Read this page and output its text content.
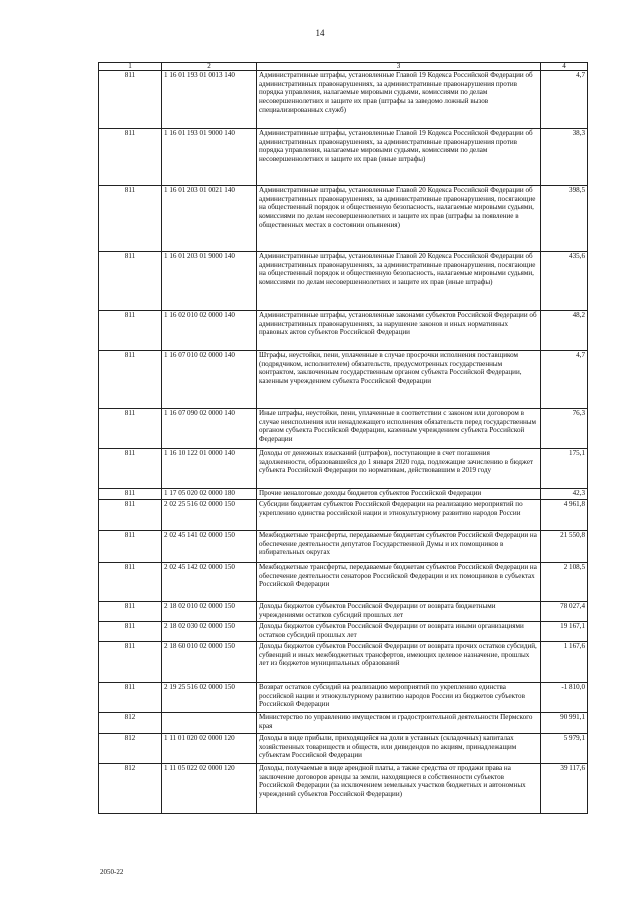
14
1	2	3	4
811	1 16 01 193 01 0013 140	Административные штрафы, установленные Главой 19 Кодекса Российской Федерации об административных правонарушениях, за административные правонарушения против порядка управления, налагаемые мировыми судьями, комиссиями по делам несовершеннолетних и защите их прав (штрафы за заведомо ложный вызов специализированных служб)	4,7
811	1 16 01 193 01 9000 140	Административные штрафы, установленные Главой 19 Кодекса Российской Федерации об административных правонарушениях, за административные правонарушения против порядка управления, налагаемые мировыми судьями, комиссиями по делам несовершеннолетних и защите их прав (иные штрафы)	38,3
811	1 16 01 203 01 0021 140	Административные штрафы, установленные Главой 20 Кодекса Российской Федерации об административных правонарушениях, за административные правонарушения, посягающие на общественный порядок и общественную безопасность, налагаемые мировыми судьями, комиссиями по делам несовершеннолетних и защите их прав (штрафы за появление в общественных местах в состоянии опьянения)	398,5
811	1 16 01 203 01 9000 140	Административные штрафы, установленные Главой 20 Кодекса Российской Федерации об административных правонарушениях, за административные правонарушения, посягающие на общественный порядок и общественную безопасность, налагаемые мировыми судьями, комиссиями по делам несовершеннолетних и защите их прав (иные штрафы)	435,6
811	1 16 02 010 02 0000 140	Административные штрафы, установленные законами субъектов Российской Федерации об административных правонарушениях, за нарушение законов и иных нормативных правовых актов субъектов Российской Федерации	48,2
811	1 16 07 010 02 0000 140	Штрафы, неустойки, пени, уплаченные в случае просрочки исполнения поставщиком (подрядчиком, исполнителем) обязательств, предусмотренных государственным контрактом, заключенным государственным органом субъекта Российской Федерации, казенным учреждением субъекта Российской Федерации	4,7
811	1 16 07 090 02 0000 140	Иные штрафы, неустойки, пени, уплаченные в соответствии с законом или договором в случае неисполнения или ненадлежащего исполнения обязательств перед государственным органом субъекта Российской Федерации, казенным учреждением субъекта Российской Федерации	76,3
811	1 16 10 122 01 0000 140	Доходы от денежных взысканий (штрафов), поступающие в счет погашения задолженности, образовавшейся до 1 января 2020 года, подлежащие зачислению в бюджет субъекта Российской Федерации по нормативам, действовавшим в 2019 году	175,1
811	1 17 05 020 02 0000 180	Прочие неналоговые доходы бюджетов субъектов Российской Федерации	42,3
811	2 02 25 516 02 0000 150	Субсидии бюджетам субъектов Российской Федерации на реализацию мероприятий по укреплению единства российской нации и этнокультурному развитию народов России	4 961,8
811	2 02 45 141 02 0000 150	Межбюджетные трансферты, передаваемые бюджетам субъектов Российской Федерации на обеспечение деятельности депутатов Государственной Думы и их помощников в избирательных округах	21 550,8
811	2 02 45 142 02 0000 150	Межбюджетные трансферты, передаваемые бюджетам субъектов Российской Федерации на обеспечение деятельности сенаторов Российской Федерации и их помощников в субъектах Российской Федерации	2 108,5
811	2 18 02 010 02 0000 150	Доходы бюджетов субъектов Российской Федерации от возврата бюджетными учреждениями остатков субсидий прошлых лет	78 027,4
811	2 18 02 030 02 0000 150	Доходы бюджетов субъектов Российской Федерации от возврата иными организациями остатков субсидий прошлых лет	19 167,1
811	2 18 60 010 02 0000 150	Доходы бюджетов субъектов Российской Федерации от возврата прочих остатков субсидий, субвенций и иных межбюджетных трансфертов, имеющих целевое назначение, прошлых лет из бюджетов муниципальных образований	1 167,6
811	2 19 25 516 02 0000 150	Возврат остатков субсидий на реализацию мероприятий по укреплению единства российской нации и этнокультурному развитию народов России из бюджетов субъектов Российской Федерации	-1 810,0
812		Министерство по управлению имуществом и градостроительной деятельности Пермского края	90 991,1
812	1 11 01 020 02 0000 120	Доходы в виде прибыли, приходящейся на доли в уставных (складочных) капиталах хозяйственных товариществ и обществ, или дивидендов по акциям, принадлежащим субъектам Российской Федерации	5 979,1
812	1 11 05 022 02 0000 120	Доходы, получаемые в виде арендной платы, а также средства от продажи права на заключение договоров аренды за земли, находящиеся в собственности субъектов Российской Федерации (за исключением земельных участков бюджетных и автономных учреждений субъектов Российской Федерации)	39 117,6
2050-22
